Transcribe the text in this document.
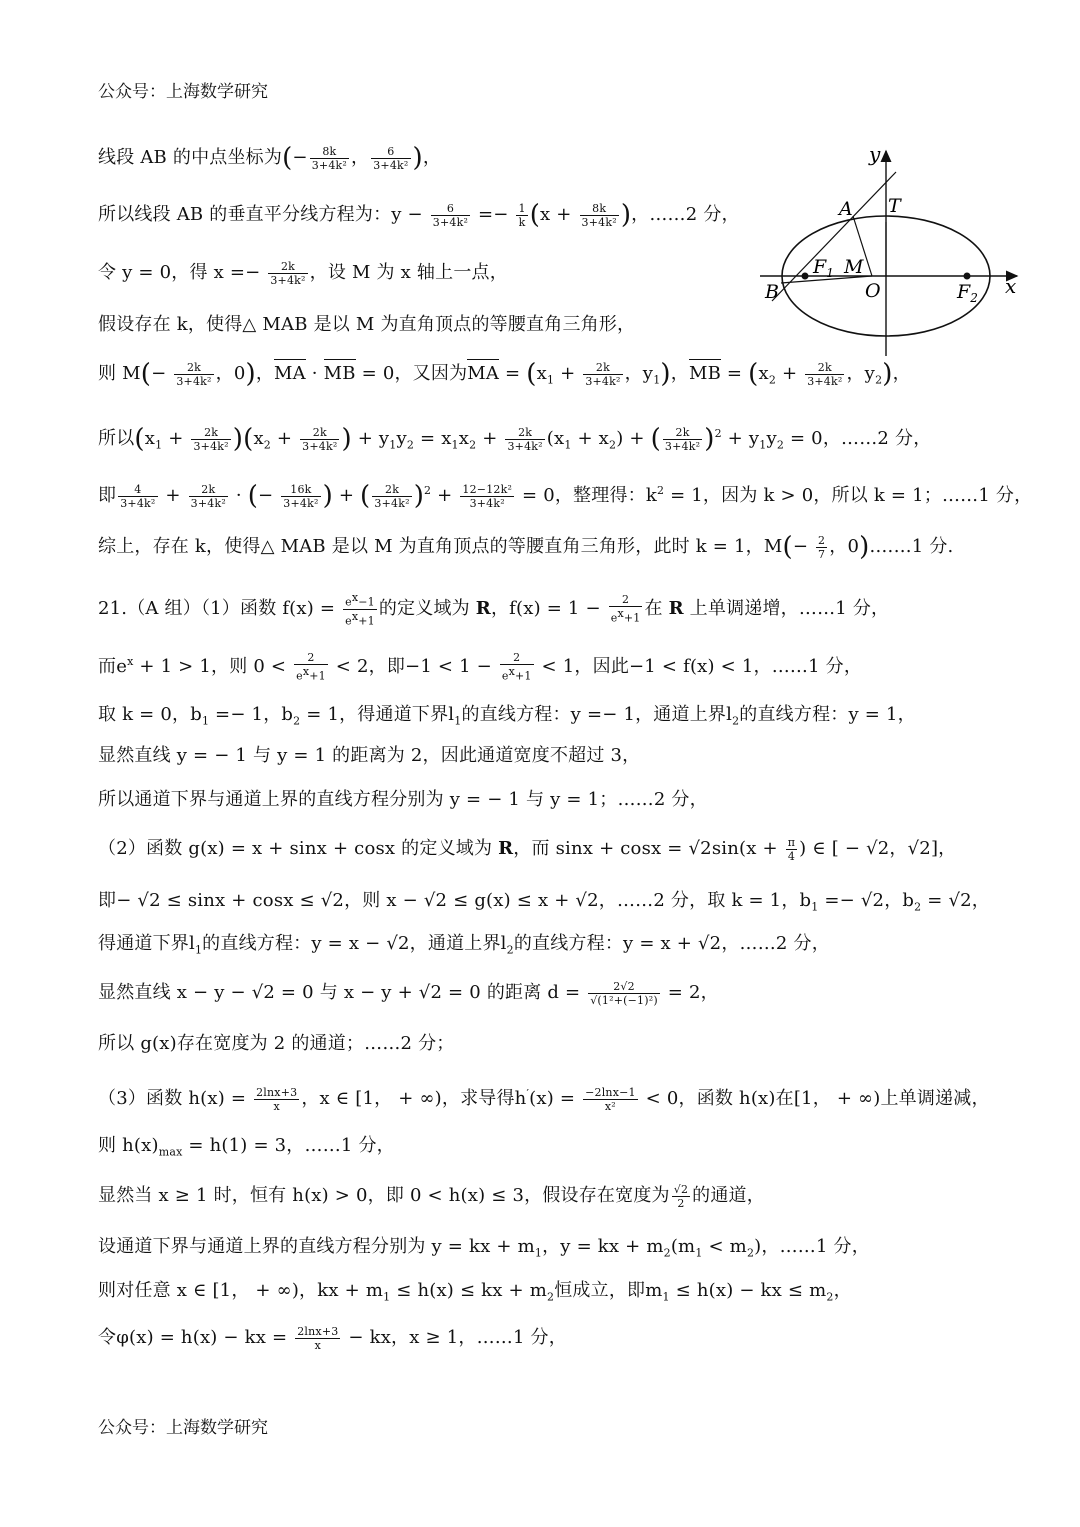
公众号：上海数学研究
线段 AB 的中点坐标为(− $\frac{8k}{\text{3+4k²}}$ ， $\frac{6}{\text{3+4k²}}$ )，
所以线段 AB 的垂直平分线方程为：$y - \frac{6}{\text{3+4k²}} =- \frac{1}{k} (x + \frac{8k}{\text{3+4k²}}$ )，……2 分，
令 y = 0，得 $x =- \frac{2k}{\text{3+4k²}}$ ，设 M 为 x 轴上一点，
假设存在 k，使得△ MAB 是以 M 为直角顶点的等腰直角三角形，
则 $M(- \frac{2k}{\text{3+4k²}}$ ，0)，MA · MB = 0，又因为MA = ($x_1 + \frac{2k}{\text{3+4k²}}$ ，$y_1$)，MB = ($x_2 + \frac{2k}{\text{3+4k²}}$ ，$y_2$)，
所以$(x_1 + \frac{2k}{\text{3+4k²}} )(x_2 + \frac{2k}{\text{3+4k²}}$ ) + $y_1y_2 = x_1x_2 + \frac{2k}{\text{3+4k²}} (x_1 + x_2)$ + ( $\frac{2k}{\text{3+4k²}} )^2 + y_1y_2 = 0$，……2 分，
即 $\frac{4}{\text{3+4k²}} + \frac{2k}{\text{3+4k²}}$ · (− $\frac{16k}{\text{3+4k²}}$ ) + ( $\frac{2k}{\text{3+4k²}} )^2 + \frac{\text{12−12k²}}{\text{3+4k²}} = 0$，整理得：$k^2 = 1$，因为 k > 0，所以 k = 1；……1 分，
综上，存在 k，使得△ MAB 是以 M 为直角顶点的等腰直角三角形，此时 k = 1，$M(- \frac{2}{7}$ ，0).……1 分.
21.（A 组）（1）函数 $f(x) = \frac{e^x-1}{e^x+1}$ 的定义域为 R，$f(x) = 1 - \frac{2}{e^x+1}$ 在 R 上单调递增，……1 分，
而$e^x + 1 > 1$，则 $0 < \frac{2}{e^x+1} < 2$，即$-1 < 1 - \frac{2}{e^x+1} < 1$，因此−1 < f(x) < 1，……1 分，
取 k = 0，$b_1 =- 1$，$b_2 = 1$，得通道下界$l_1$的直线方程：y =− 1，通道上界$l_2$的直线方程：y = 1，
显然直线 y = − 1 与 y = 1 的距离为 2，因此通道宽度不超过 3，
所以通道下界与通道上界的直线方程分别为 y = − 1 与 y = 1；……2 分，
（2）函数 g(x) = x + sinx + cosx 的定义域为 R，而 $\sin x + \cos x = √2\sin(x + \frac{\pi}{4}$ ) ∈ [ − √2，√2]，
即− √2 ≤ sinx + cosx ≤ √2，则 x − √2 ≤ g(x) ≤ x + √2，……2 分，取 k = 1，$b_1 =- √2$，$b_2 = √2$，
得通道下界$l_1$的直线方程：y = x − √2，通道上界$l_2$的直线方程：y = x + √2，……2 分，
显然直线 x − y − √2 = 0 与 x − y + √2 = 0 的距离 $d = \frac{2√2}{\text{√(1²+(−1)²)}} = 2$，
所以 g(x)存在宽度为 2 的通道；……2 分；
（3）函数 $h(x) = \frac{2\ln x+3}{x}$ ，x ∈ [1， + ∞)，求导得$h'(x) = \frac{-2\ln x-1}{\text{x²}} < 0$，函数 h(x)在[1， + ∞)上单调递减，
则 $h(x)_{max} = h(1) = 3$，……1 分，
显然当 x ≥ 1 时，恒有 h(x) > 0，即 0 < h(x) ≤ 3，假设存在宽度为 $\frac{√2}{2}$ 的通道，
设通道下界与通道上界的直线方程分别为 y = kx + $m_1$，y = kx + $m_2(m_1 < m_2)$，……1 分，
则对任意 x ∈ [1， + ∞)，kx + $m_1 \le h(x)$ ≤ kx + $m_2$恒成立，即$m_1 \le h(x)$ − kx ≤ $m_2$，
令φ(x) = h(x) − kx = $\frac{2\ln x+3}{x}$ − kx，x ≥ 1，……1 分，
公众号：上海数学研究
y
x
A T
$F_1$ M
B	O	$F_2$
